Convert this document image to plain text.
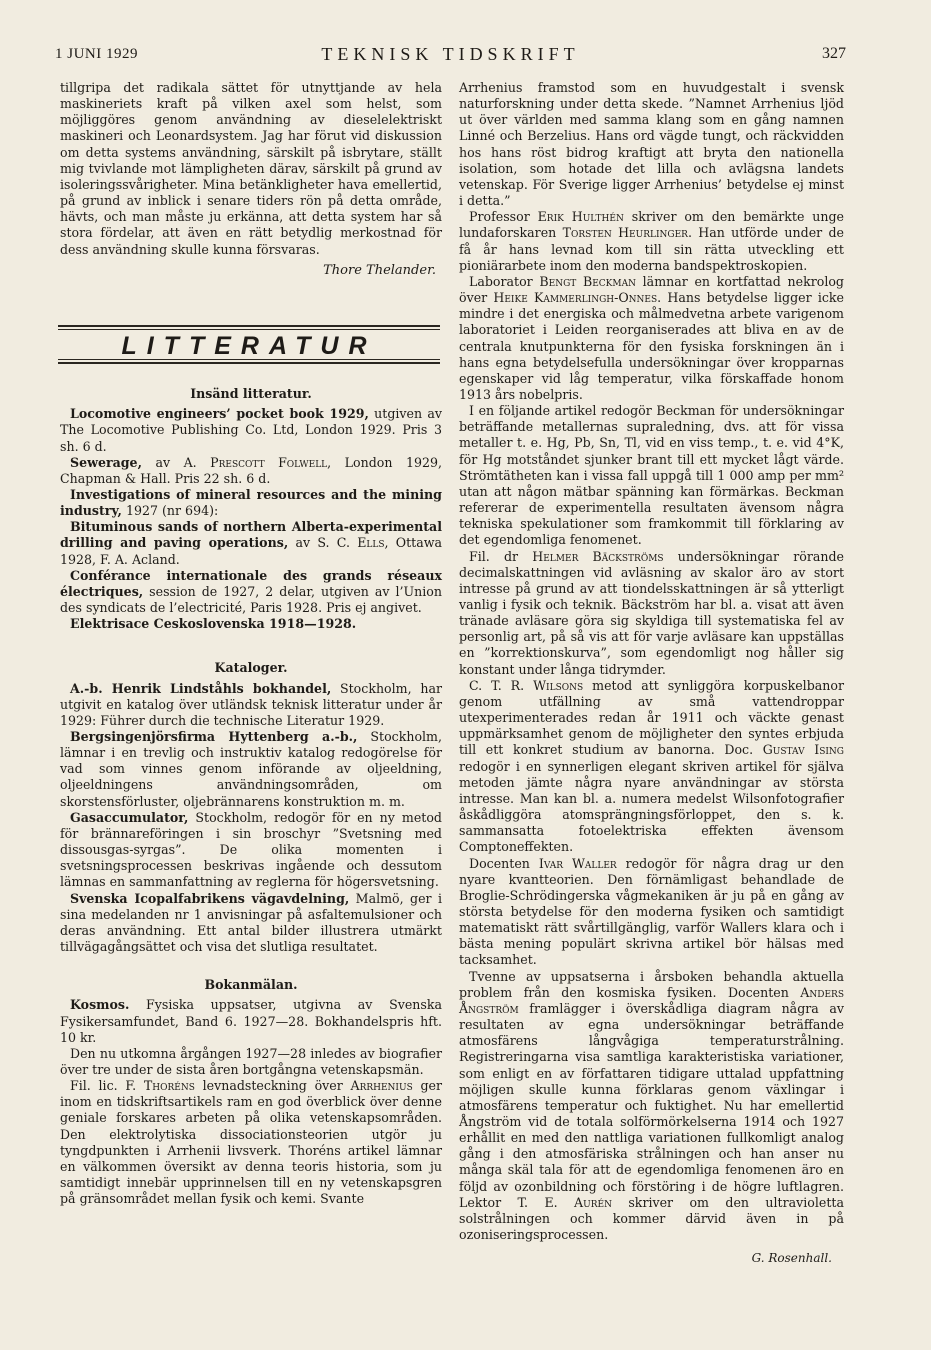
1 JUNI 1929	TEKNISK TIDSKRIFT	327

tillgripa det radikala sättet för utnyttjande av hela maskineriets kraft på vilken axel som helst, som möjliggöres genom användning av dieselelektriskt maskineri och Leonardsystem. Jag har förut vid diskussion om detta systems användning, särskilt på isbrytare, ställt mig tvivlande mot lämpligheten därav, särskilt på grund av isoleringssvårigheter. Mina betänkligheter hava emellertid, på grund av inblick i senare tiders rön på detta område, hävts, och man måste ju erkänna, att detta system har så stora fördelar, att även en rätt betydlig merkostnad för dess användning skulle kunna försvaras.

Thore Thelander.
LITTERATUR
Insänd litteratur.

Locomotive engineers’ pocket book 1929, utgiven av The Locomotive Publishing Co. Ltd, London 1929. Pris 3 sh. 6 d.

Sewerage, av A. Prescott Folwell, London 1929, Chapman & Hall. Pris 22 sh. 6 d.

Investigations of mineral resources and the mining industry, 1927 (nr 694):

Bituminous sands of northern Alberta-experimental drilling and paving operations, av S. C. Ells, Ottawa 1928, F. A. Acland.

Conférance internationale des grands réseaux électriques, session de 1927, 2 delar, utgiven av l’Union des syndicats de l’electricité, Paris 1928. Pris ej angivet.

Elektrisace Ceskoslovenska 1918—1928.

Kataloger.

A.-b. Henrik Lindståhls bokhandel, Stockholm, har utgivit en katalog över utländsk teknisk litteratur under år 1929: Führer durch die technische Literatur 1929.

Bergsingenjörsfirma Hyttenberg a.-b., Stockholm, lämnar i en trevlig och instruktiv katalog redogörelse för vad som vinnes genom införande av oljeeldning, oljeeldningens användningsområden, om skorstensförluster, oljebrännarens konstruktion m. m.

Gasaccumulator, Stockholm, redogör för en ny metod för brännareföringen i sin broschyr ”Svetsning med dissousgas-syrgas”. De olika momenten i svetsningsprocessen beskrivas ingående och dessutom lämnas en sammanfattning av reglerna för högersvetsning.

Svenska Icopalfabrikens vägavdelning, Malmö, ger i sina medelanden nr 1 anvisningar på asfaltemulsioner och deras användning. Ett antal bilder illustrera utmärkt tillvägagångsättet och visa det slutliga resultatet.

Bokanmälan.

Kosmos. Fysiska uppsatser, utgivna av Svenska Fysikersamfundet, Band 6. 1927—28. Bokhandelspris hft. 10 kr.

Den nu utkomna årgången 1927—28 inledes av biografier över tre under de sista åren bortgångna vetenskapsmän.

Fil. lic. F. Thoréns levnadsteckning över Arrhenius ger inom en tidskriftsartikels ram en god överblick över denne geniale forskares arbeten på olika vetenskapsområden. Den elektrolytiska dissociationsteorien utgör ju tyngdpunkten i Arrhenii livsverk. Thoréns artikel lämnar en välkommen översikt av denna teoris historia, som ju samtidigt innebär upprinnelsen till en ny vetenskapsgren på gränsområdet mellan fysik och kemi. Svante

Arrhenius framstod som en huvudgestalt i svensk naturforskning under detta skede. ”Namnet Arrhenius ljöd ut över världen med samma klang som en gång namnen Linné och Berzelius. Hans ord vägde tungt, och räckvidden hos hans röst bidrog kraftigt att bryta den nationella isolation, som hotade det lilla och avlägsna landets vetenskap. För Sverige ligger Arrhenius’ betydelse ej minst i detta.”

Professor Erik Hulthén skriver om den bemärkte unge lundaforskaren Torsten Heurlinger. Han utförde under de få år hans levnad kom till sin rätta utveckling ett pioniärarbete inom den moderna bandspektroskopien.

Laborator Bengt Beckman lämnar en kortfattad nekrolog över Heike Kammerlingh-Onnes. Hans betydelse ligger icke mindre i det energiska och målmedvetna arbete varigenom laboratoriet i Leiden reorganiserades att bliva en av de centrala knutpunkterna för den fysiska forskningen än i hans egna betydelsefulla undersökningar över kropparnas egenskaper vid låg temperatur, vilka förskaffade honom 1913 års nobelpris.

I en följande artikel redogör Beckman för undersökningar beträffande metallernas supraledning, dvs. att för vissa metaller t. e. Hg, Pb, Sn, Tl, vid en viss temp., t. e. vid 4°K, för Hg motståndet sjunker brant till ett mycket lågt värde. Strömtätheten kan i vissa fall uppgå till 1 000 amp per mm² utan att någon mätbar spänning kan förmärkas. Beckman refererar de experimentella resultaten ävensom några tekniska spekulationer som framkommit till förklaring av det egendomliga fenomenet.

Fil. dr Helmer Bäckströms undersökningar rörande decimalskattningen vid avläsning av skalor äro av stort intresse på grund av att tiondelsskattningen är så ytterligt vanlig i fysik och teknik. Bäckström har bl. a. visat att även tränade avläsare göra sig skyldiga till systematiska fel av personlig art, på så vis att för varje avläsare kan uppställas en ”korrektionskurva”, som egendomligt nog håller sig konstant under långa tidrymder.

C. T. R. Wilsons metod att synliggöra korpuskelbanor genom utfällning av små vattendroppar utexperimenterades redan år 1911 och väckte genast uppmärksamhet genom de möjligheter den syntes erbjuda till ett konkret studium av banorna. Doc. Gustav Ising redogör i en synnerligen elegant skriven artikel för själva metoden jämte några nyare användningar av största intresse. Man kan bl. a. numera medelst Wilsonfotografier åskådliggöra atomsprängningsförloppet, den s. k. sammansatta fotoelektriska effekten ävensom Comptoneffekten.

Docenten Ivar Waller redogör för några drag ur den nyare kvantteorien. Den förnämligast behandlade de Broglie-Schrödingerska vågmekaniken är ju på en gång av största betydelse för den moderna fysiken och samtidigt matematiskt rätt svårtillgänglig, varför Wallers klara och i bästa mening populärt skrivna artikel bör hälsas med tacksamhet.

Tvenne av uppsatserna i årsboken behandla aktuella problem från den kosmiska fysiken. Docenten Anders Ångström framlägger i överskådliga diagram några av resultaten av egna undersökningar beträffande atmosfärens långvågiga temperaturstrålning. Registreringarna visa samtliga karakteristiska variationer, som enligt en av författaren tidigare uttalad uppfattning möjligen skulle kunna förklaras genom växlingar i atmosfärens temperatur och fuktighet. Nu har emellertid Ångström vid de totala solförmörkelserna 1914 och 1927 erhållit en med den nattliga variationen fullkomligt analog gång i den atmosfäriska strålningen och han anser nu många skäl tala för att de egendomliga fenomenen äro en följd av ozonbildning och förstöring i de högre luftlagren. Lektor T. E. Aurén skriver om den ultravioletta solstrålningen och kommer därvid även in på ozoniseringsprocessen.

G. Rosenhall.
